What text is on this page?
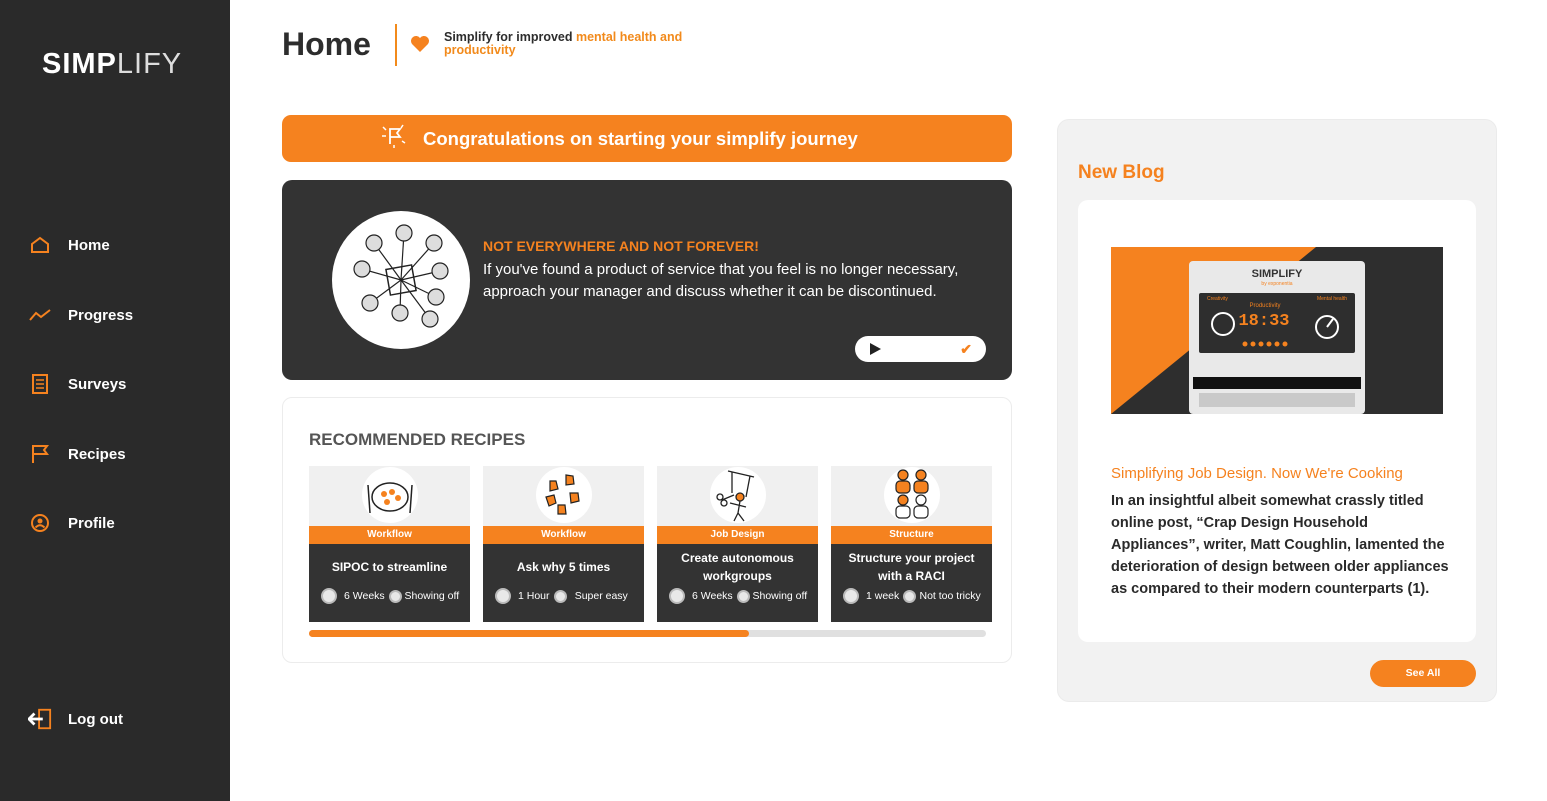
SIMPLIFY
Home
Progress
Surveys
Recipes
Profile
Log out
Home	Simplify for improved mental health and productivity
Congratulations on starting your simplify journey
NOT EVERYWHERE AND NOT FOREVER!
If you've found a product of service that you feel is no longer necessary, approach your manager and discuss whether it can be discontinued.
✔
RECOMMENDED RECIPES
Workflow
SIPOC to streamline
6 Weeks Showing off
Workflow
Ask why 5 times
1 Hour	Super easy
Job Design
Create autonomous workgroups
6 Weeks Showing off
Structure
Structure your project with a RACI
1 week	Not too tricky
New Blog
SIMPLIFY
by exponentia
Creativity
Productivity
Mental health
18:33
Simplifying Job Design. Now We're Cooking
In an insightful albeit somewhat crassly titled online post, “Crap Design Household Appliances”, writer, Matt Coughlin, lamented the deterioration of design between older appliances as compared to their modern counterparts (1).
See All
